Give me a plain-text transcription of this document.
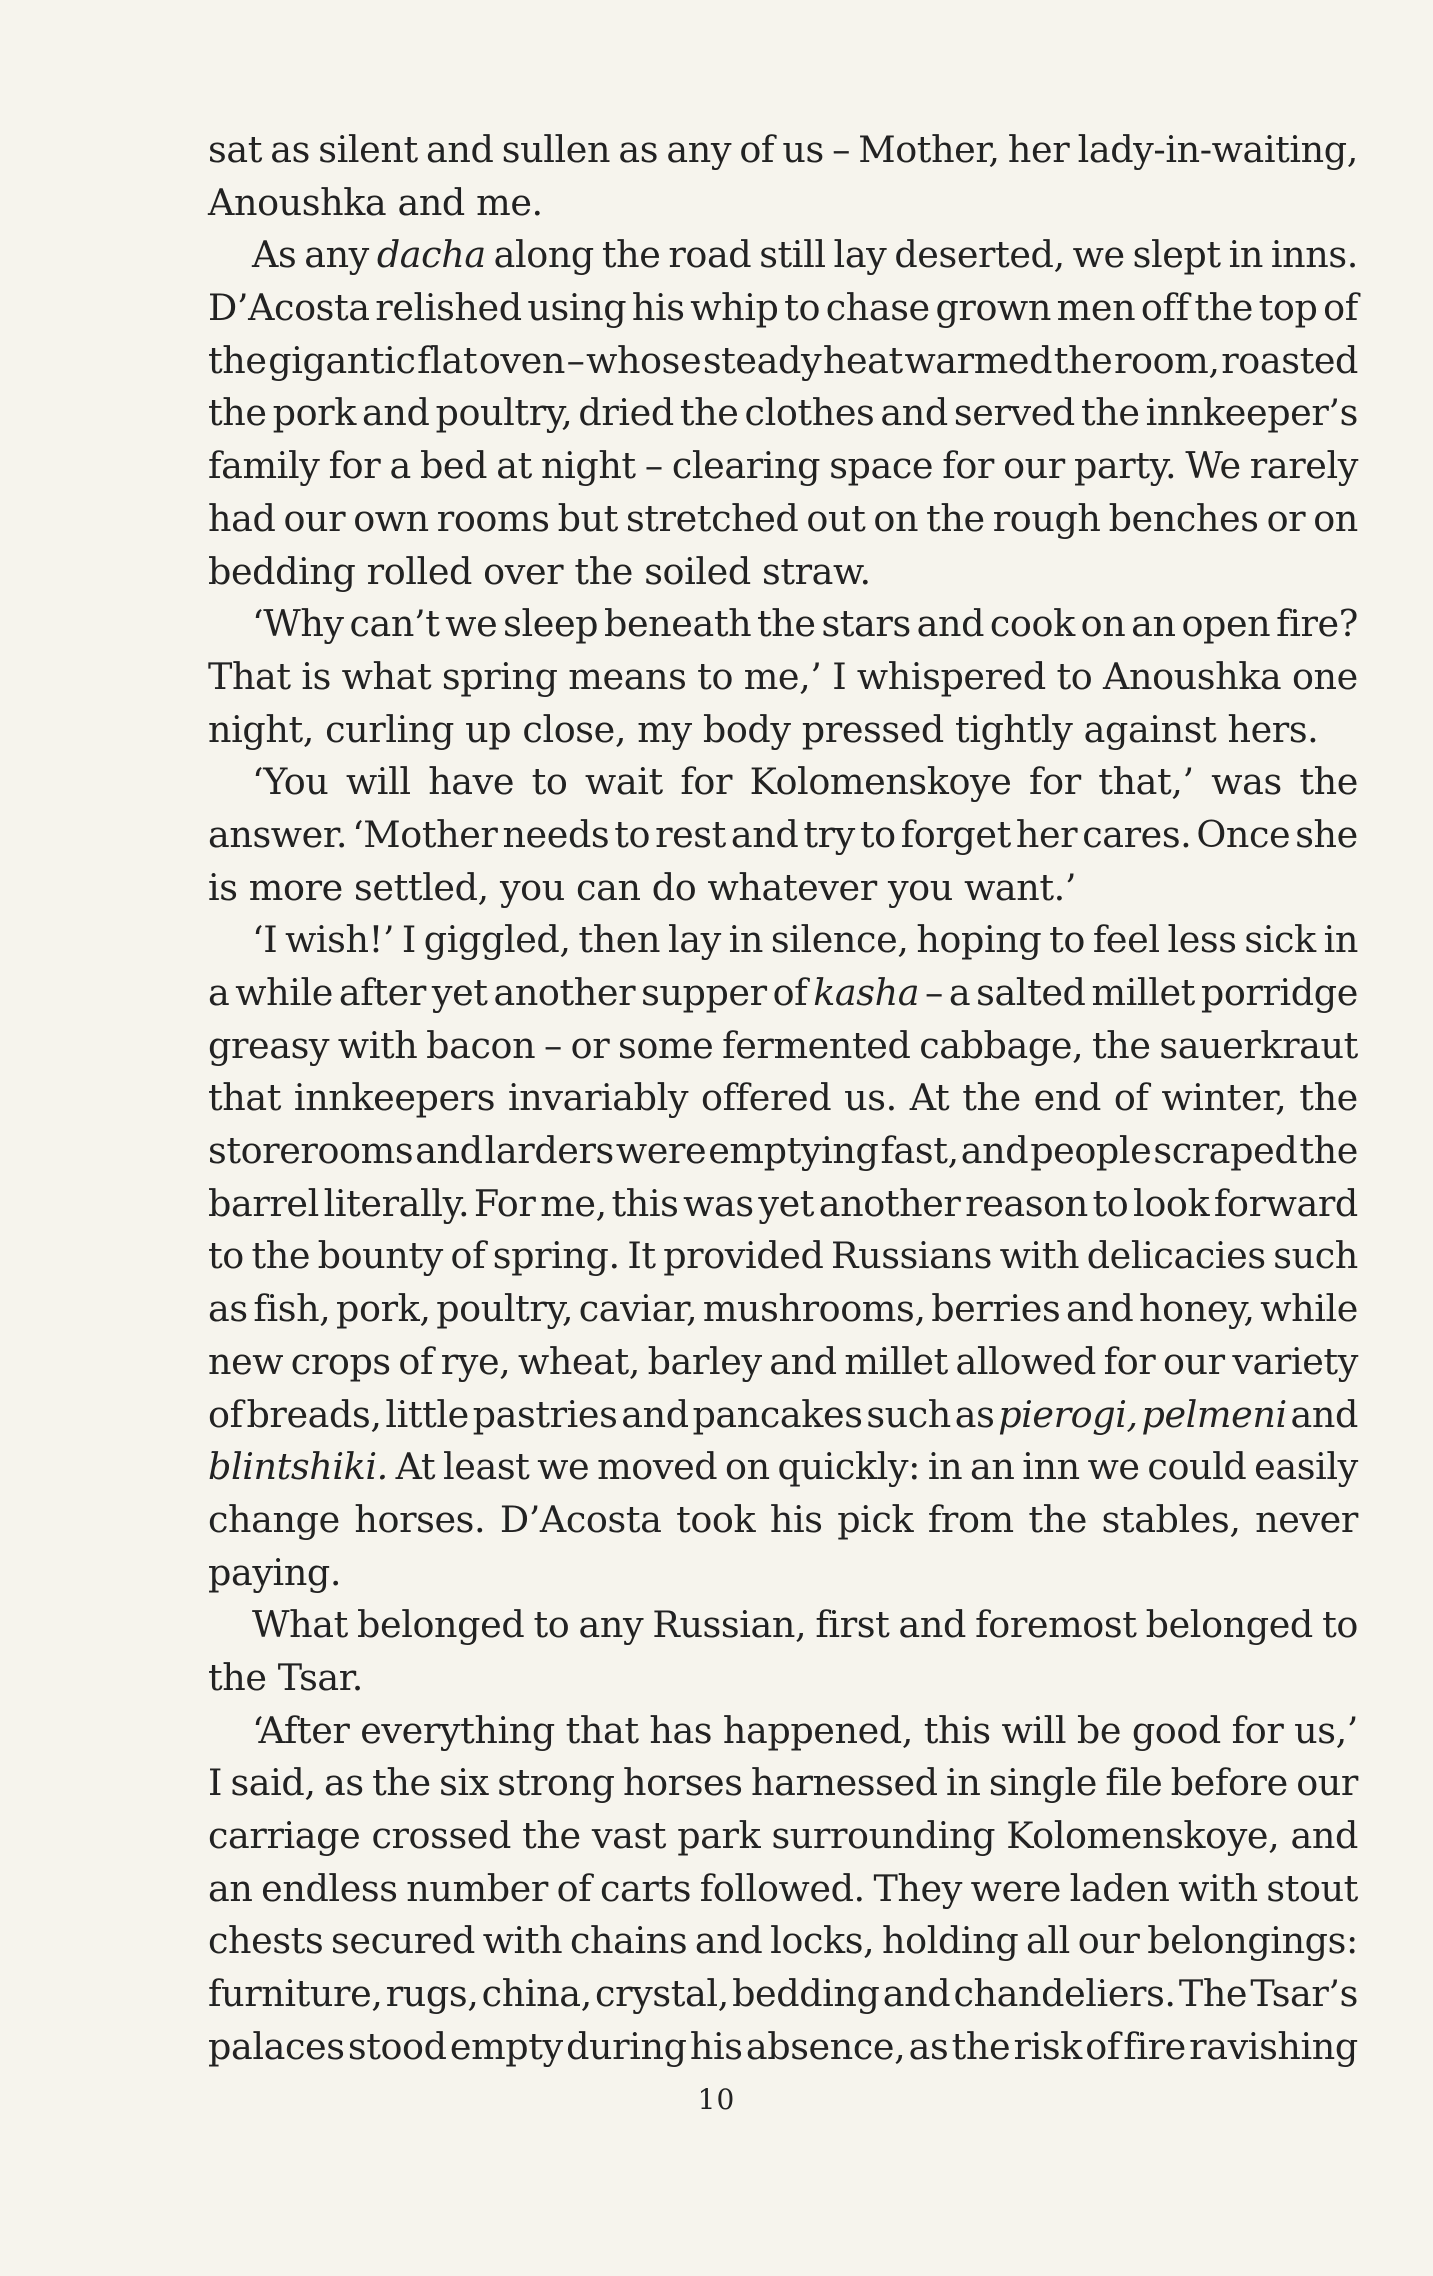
sat as silent and sullen as any of us – Mother, her lady-in-waiting,
Anoushka and me.
As any dacha along the road still lay deserted, we slept in inns.
D’Acosta relished using his whip to chase grown men off the top of
the gigantic flat oven – whose steady heat warmed the room, roasted
the pork and poultry, dried the clothes and served the innkeeper’s
family for a bed at night – clearing space for our party. We rarely
had our own rooms but stretched out on the rough benches or on
bedding rolled over the soiled straw.
‘Why can’t we sleep beneath the stars and cook on an open fire?
That is what spring means to me,’ I whispered to Anoushka one
night, curling up close, my body pressed tightly against hers.
‘You will have to wait for Kolomenskoye for that,’ was the
answer. ‘Mother needs to rest and try to forget her cares. Once she
is more settled, you can do whatever you want.’
‘I wish!’ I giggled, then lay in silence, hoping to feel less sick in
a while after yet another supper of kasha – a salted millet porridge
greasy with bacon – or some fermented cabbage, the sauerkraut
that innkeepers invariably offered us. At the end of winter, the
storerooms and larders were emptying fast, and people scraped the
barrel literally. For me, this was yet another reason to look forward
to the bounty of spring. It provided Russians with delicacies such
as fish, pork, poultry, caviar, mushrooms, berries and honey, while
new crops of rye, wheat, barley and millet allowed for our variety
of breads, little pastries and pancakes such as pierogi, pelmeni and
blintshiki. At least we moved on quickly: in an inn we could easily
change horses. D’Acosta took his pick from the stables, never
paying.
What belonged to any Russian, first and foremost belonged to
the Tsar.
‘After everything that has happened, this will be good for us,’
I said, as the six strong horses harnessed in single file before our
carriage crossed the vast park surrounding Kolomenskoye, and
an endless number of carts followed. They were laden with stout
chests secured with chains and locks, holding all our belongings:
furniture, rugs, china, crystal, bedding and chandeliers. The Tsar’s
palaces stood empty during his absence, as the risk of fire ravishing
10
